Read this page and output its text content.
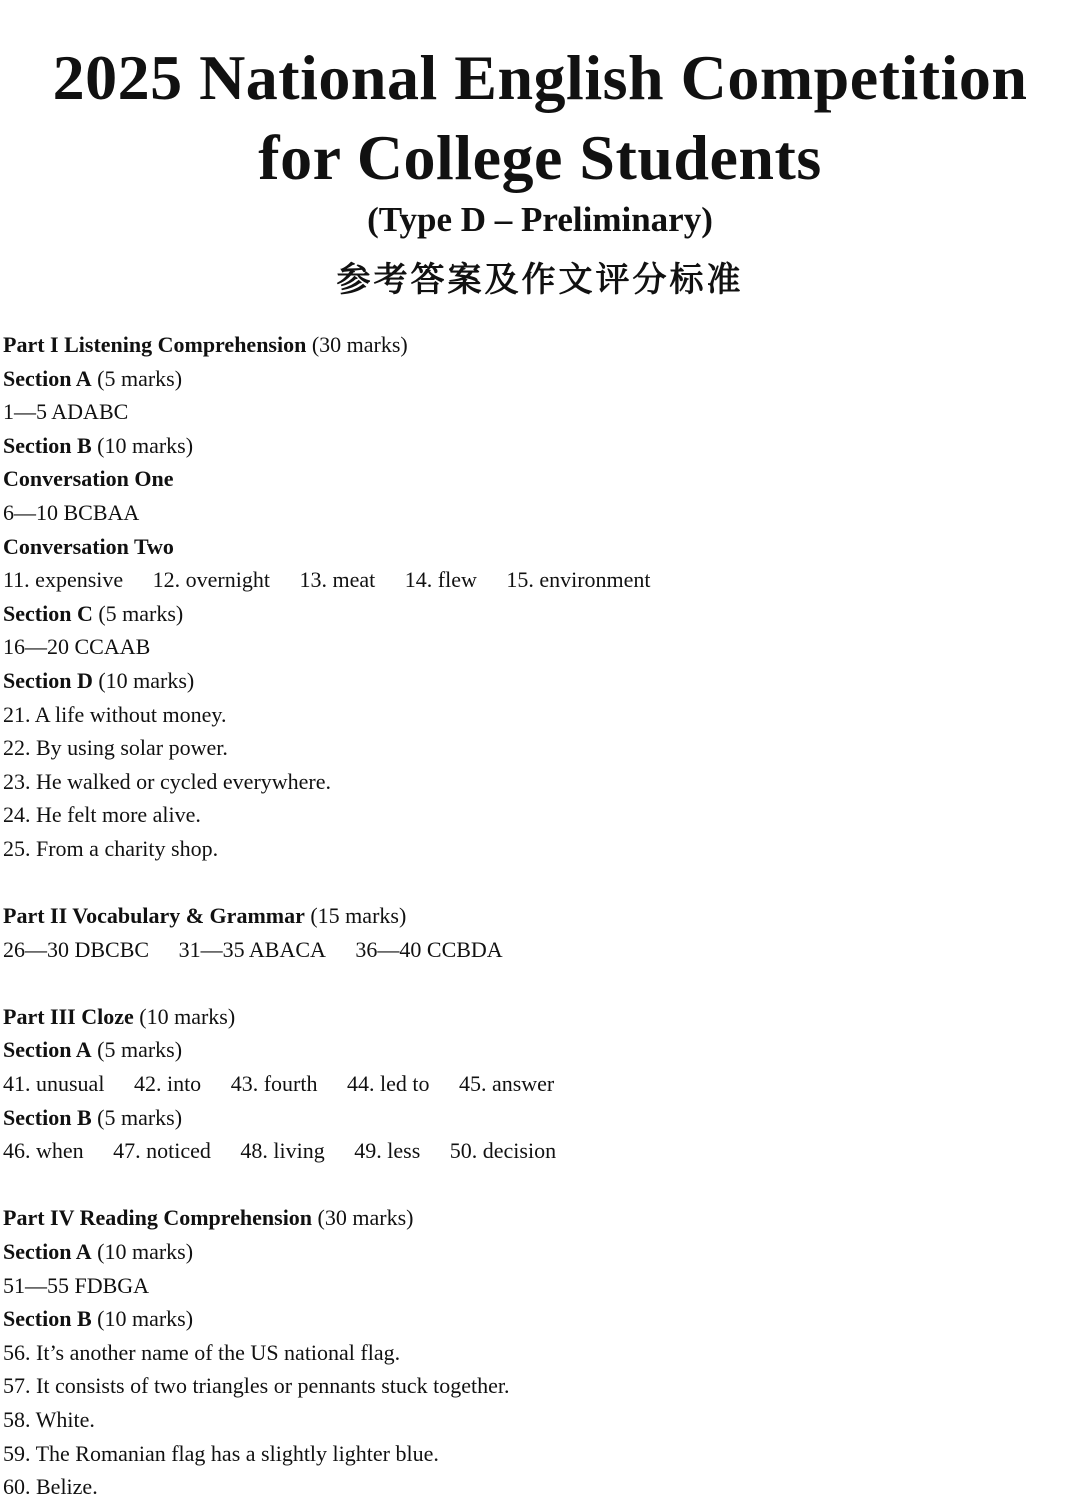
2025 National English Competition
for College Students
(Type D – Preliminary)
参考答案及作文评分标准
Part I Listening Comprehension (30 marks)
Section A (5 marks)
1—5 ADABC
Section B (10 marks)
Conversation One
6—10 BCBAA
Conversation Two
11. expensive 12. overnight 13. meat 14. flew 15. environment
Section C (5 marks)
16—20 CCAAB
Section D (10 marks)
21. A life without money.
22. By using solar power.
23. He walked or cycled everywhere.
24. He felt more alive.
25. From a charity shop.
Part II Vocabulary & Grammar (15 marks)
26—30 DBCBC 31—35 ABACA 36—40 CCBDA
Part III Cloze (10 marks)
Section A (5 marks)
41. unusual 42. into 43. fourth 44. led to 45. answer
Section B (5 marks)
46. when 47. noticed 48. living 49. less 50. decision
Part IV Reading Comprehension (30 marks)
Section A (10 marks)
51—55 FDBGA
Section B (10 marks)
56. It’s another name of the US national flag.
57. It consists of two triangles or pennants stuck together.
58. White.
59. The Romanian flag has a slightly lighter blue.
60. Belize.
